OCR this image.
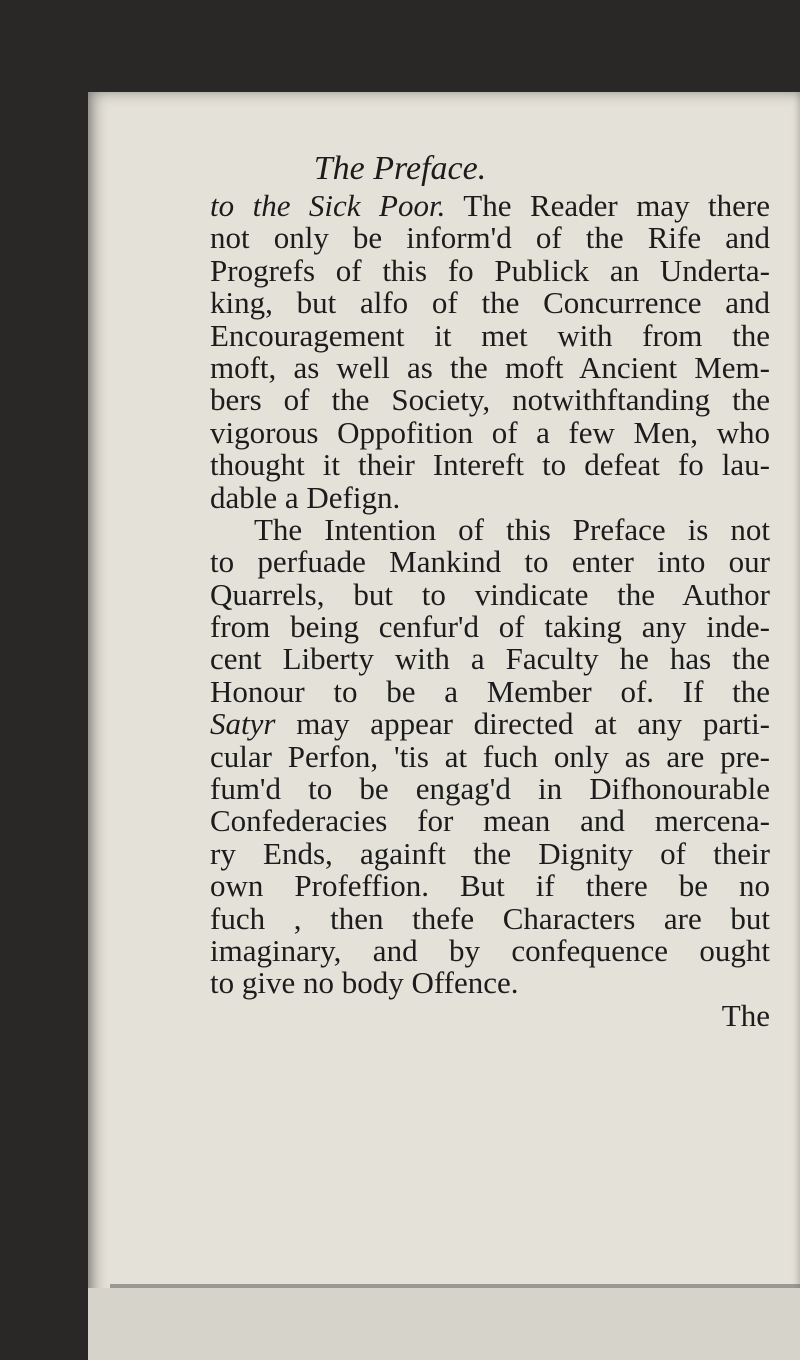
The Preface.
to the Sick Poor. The Reader may there
not only be inform'd of the Rife and
Progrefs of this fo Publick an Underta-
king, but alfo of the Concurrence and
Encouragement it met with from the
moft, as well as the moft Ancient Mem-
bers of the Society, notwithftanding the
vigorous Oppofition of a few Men, who
thought it their Intereft to defeat fo lau-
dable a Defign.
The Intention of this Preface is not
to perfuade Mankind to enter into our
Quarrels, but to vindicate the Author
from being cenfur'd of taking any inde-
cent Liberty with a Faculty he has the
Honour to be a Member of. If the
Satyr may appear directed at any parti-
cular Perfon, 'tis at fuch only as are pre-
fum'd to be engag'd in Difhonourable
Confederacies for mean and mercena-
ry Ends, againft the Dignity of their
own Profeffion. But if there be no
fuch , then thefe Characters are but
imaginary, and by confequence ought
to give no body Offence.
The
